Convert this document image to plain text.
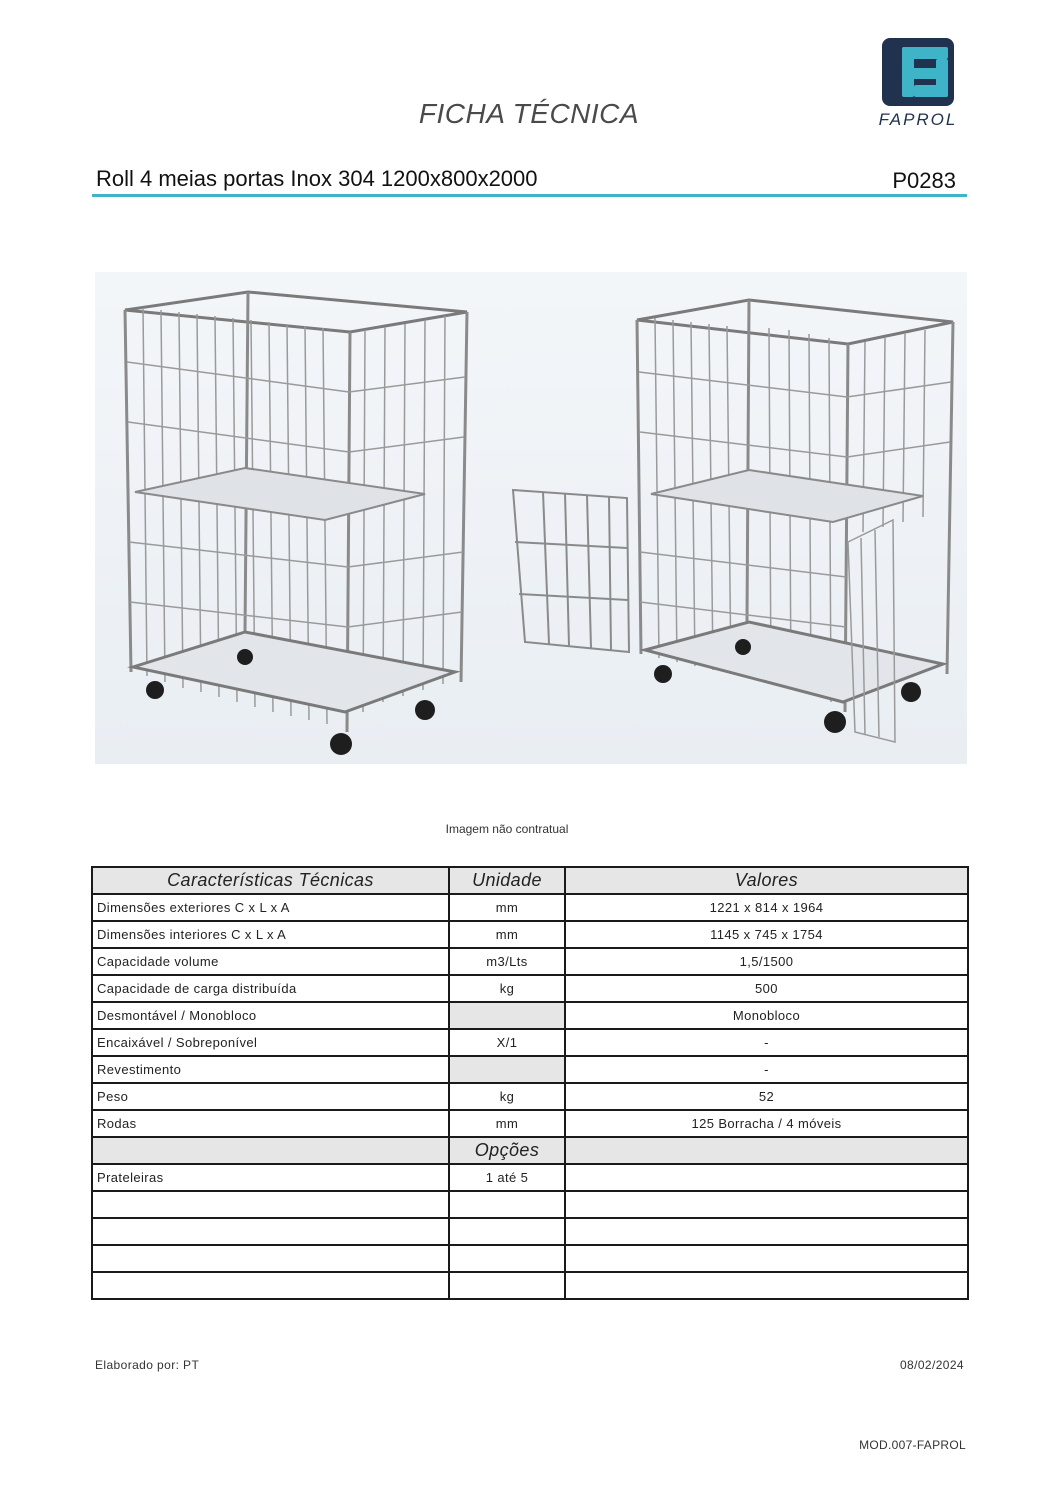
FICHA TÉCNICA	FAPROL
Roll 4 meias portas Inox 304 1200x800x2000	P0283
Imagem não contratual
Características Técnicas	Unidade	Valores
Dimensões exteriores C x L x A	mm	1221 x 814 x 1964
Dimensões interiores C x L x A	mm	1145 x 745 x 1754
Capacidade volume	m3/Lts	1,5/1500
Capacidade de carga distribuída	kg	500
Desmontável / Monobloco		Monobloco
Encaixável / Sobreponível	X/1	-
Revestimento		-
Peso	kg	52
Rodas	mm	125 Borracha / 4 móveis
	Opções	
Prateleiras	1 até 5	

Elaborado por: PT	08/02/2024
MOD.007-FAPROL
